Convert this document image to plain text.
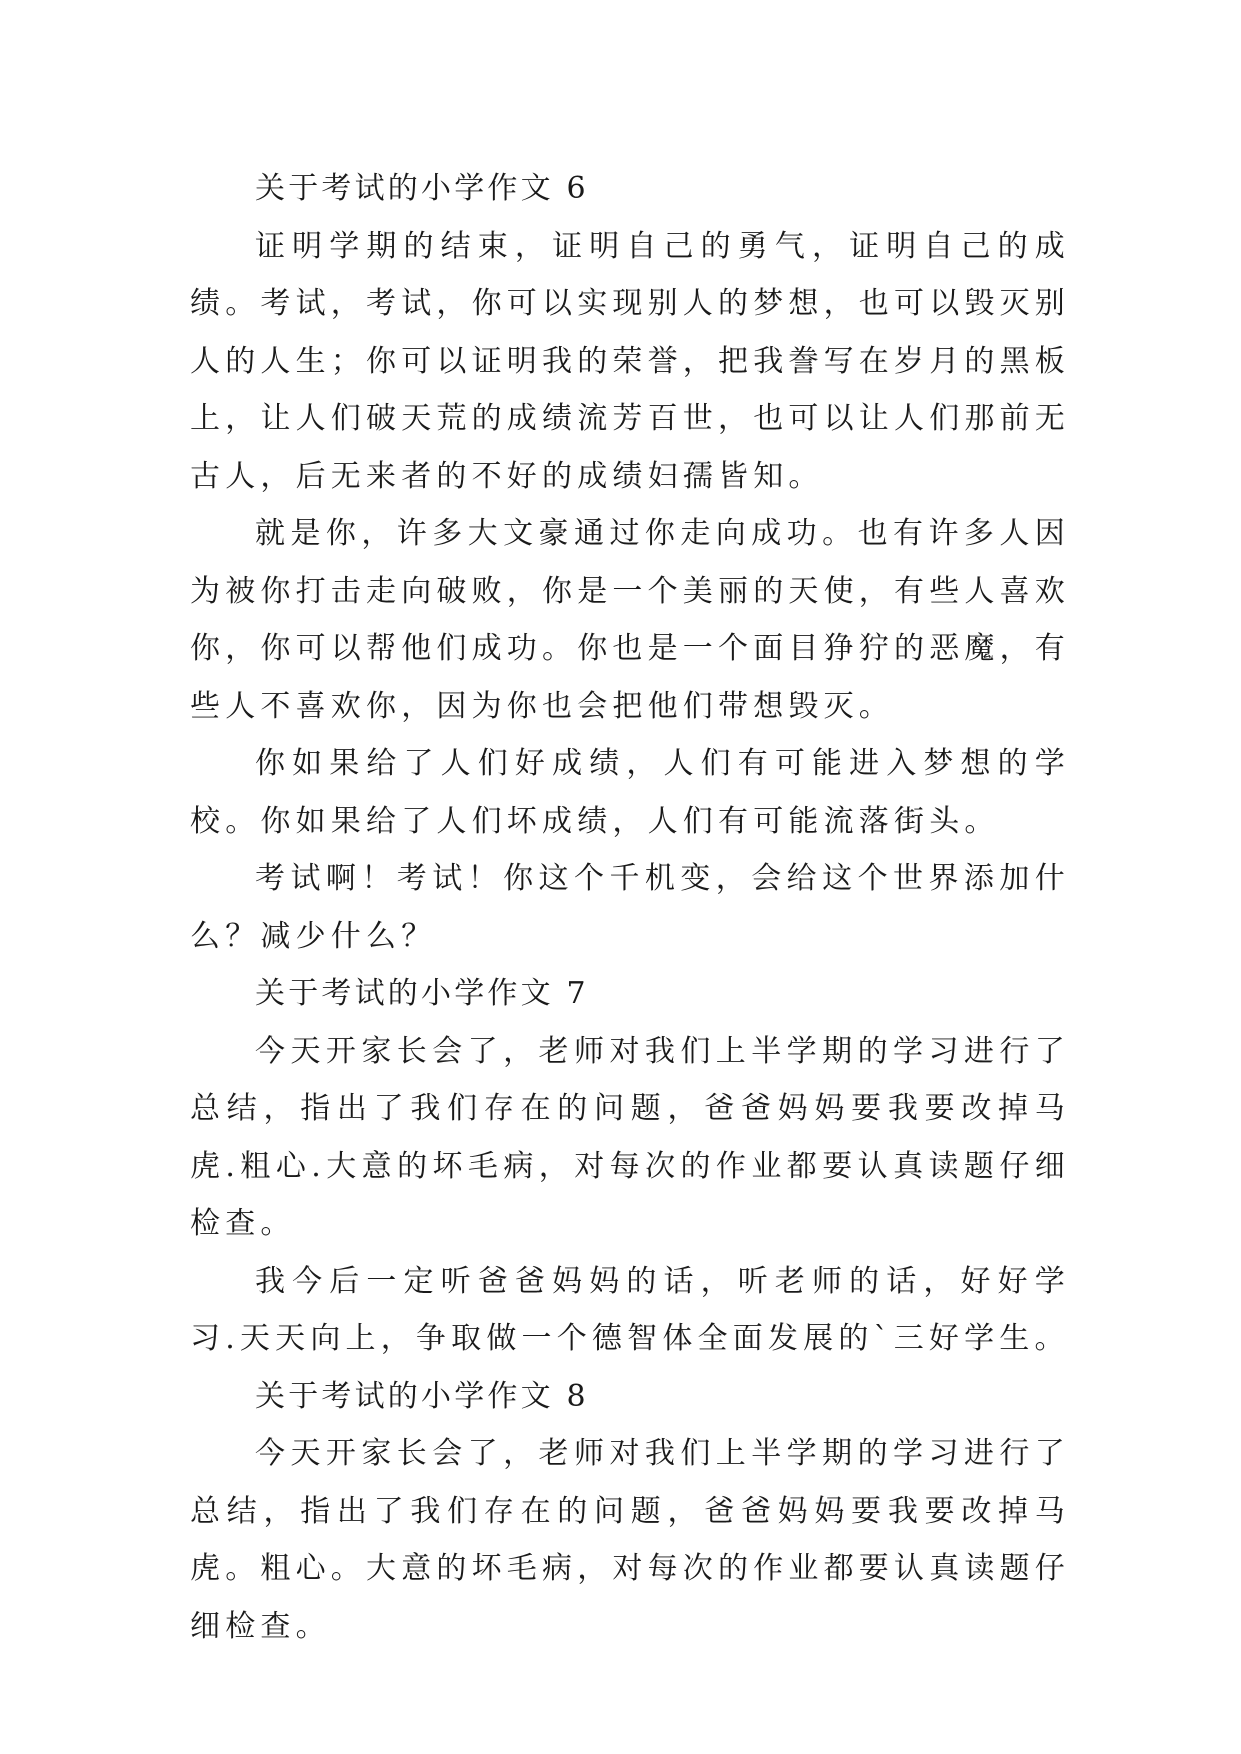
关于考试的小学作文 6

证明学期的结束，证明自己的勇气，证明自己的成绩。考试，考试，你可以实现别人的梦想，也可以毁灭别人的人生；你可以证明我的荣誉，把我誊写在岁月的黑板上，让人们破天荒的成绩流芳百世，也可以让人们那前无古人，后无来者的不好的成绩妇孺皆知。

就是你，许多大文豪通过你走向成功。也有许多人因为被你打击走向破败，你是一个美丽的天使，有些人喜欢你，你可以帮他们成功。你也是一个面目狰狞的恶魔，有些人不喜欢你，因为你也会把他们带想毁灭。

你如果给了人们好成绩，人们有可能进入梦想的学校。你如果给了人们坏成绩，人们有可能流落街头。

考试啊！考试！你这个千机变，会给这个世界添加什么？减少什么？

关于考试的小学作文 7

今天开家长会了，老师对我们上半学期的学习进行了总结，指出了我们存在的问题，爸爸妈妈要我要改掉马虎.粗心.大意的坏毛病，对每次的作业都要认真读题仔细检查。

我今后一定听爸爸妈妈的话，听老师的话，好好学习.天天向上，争取做一个德智体全面发展的`三好学生。

关于考试的小学作文 8

今天开家长会了，老师对我们上半学期的学习进行了总结，指出了我们存在的问题，爸爸妈妈要我要改掉马虎。粗心。大意的坏毛病，对每次的作业都要认真读题仔细检查。
